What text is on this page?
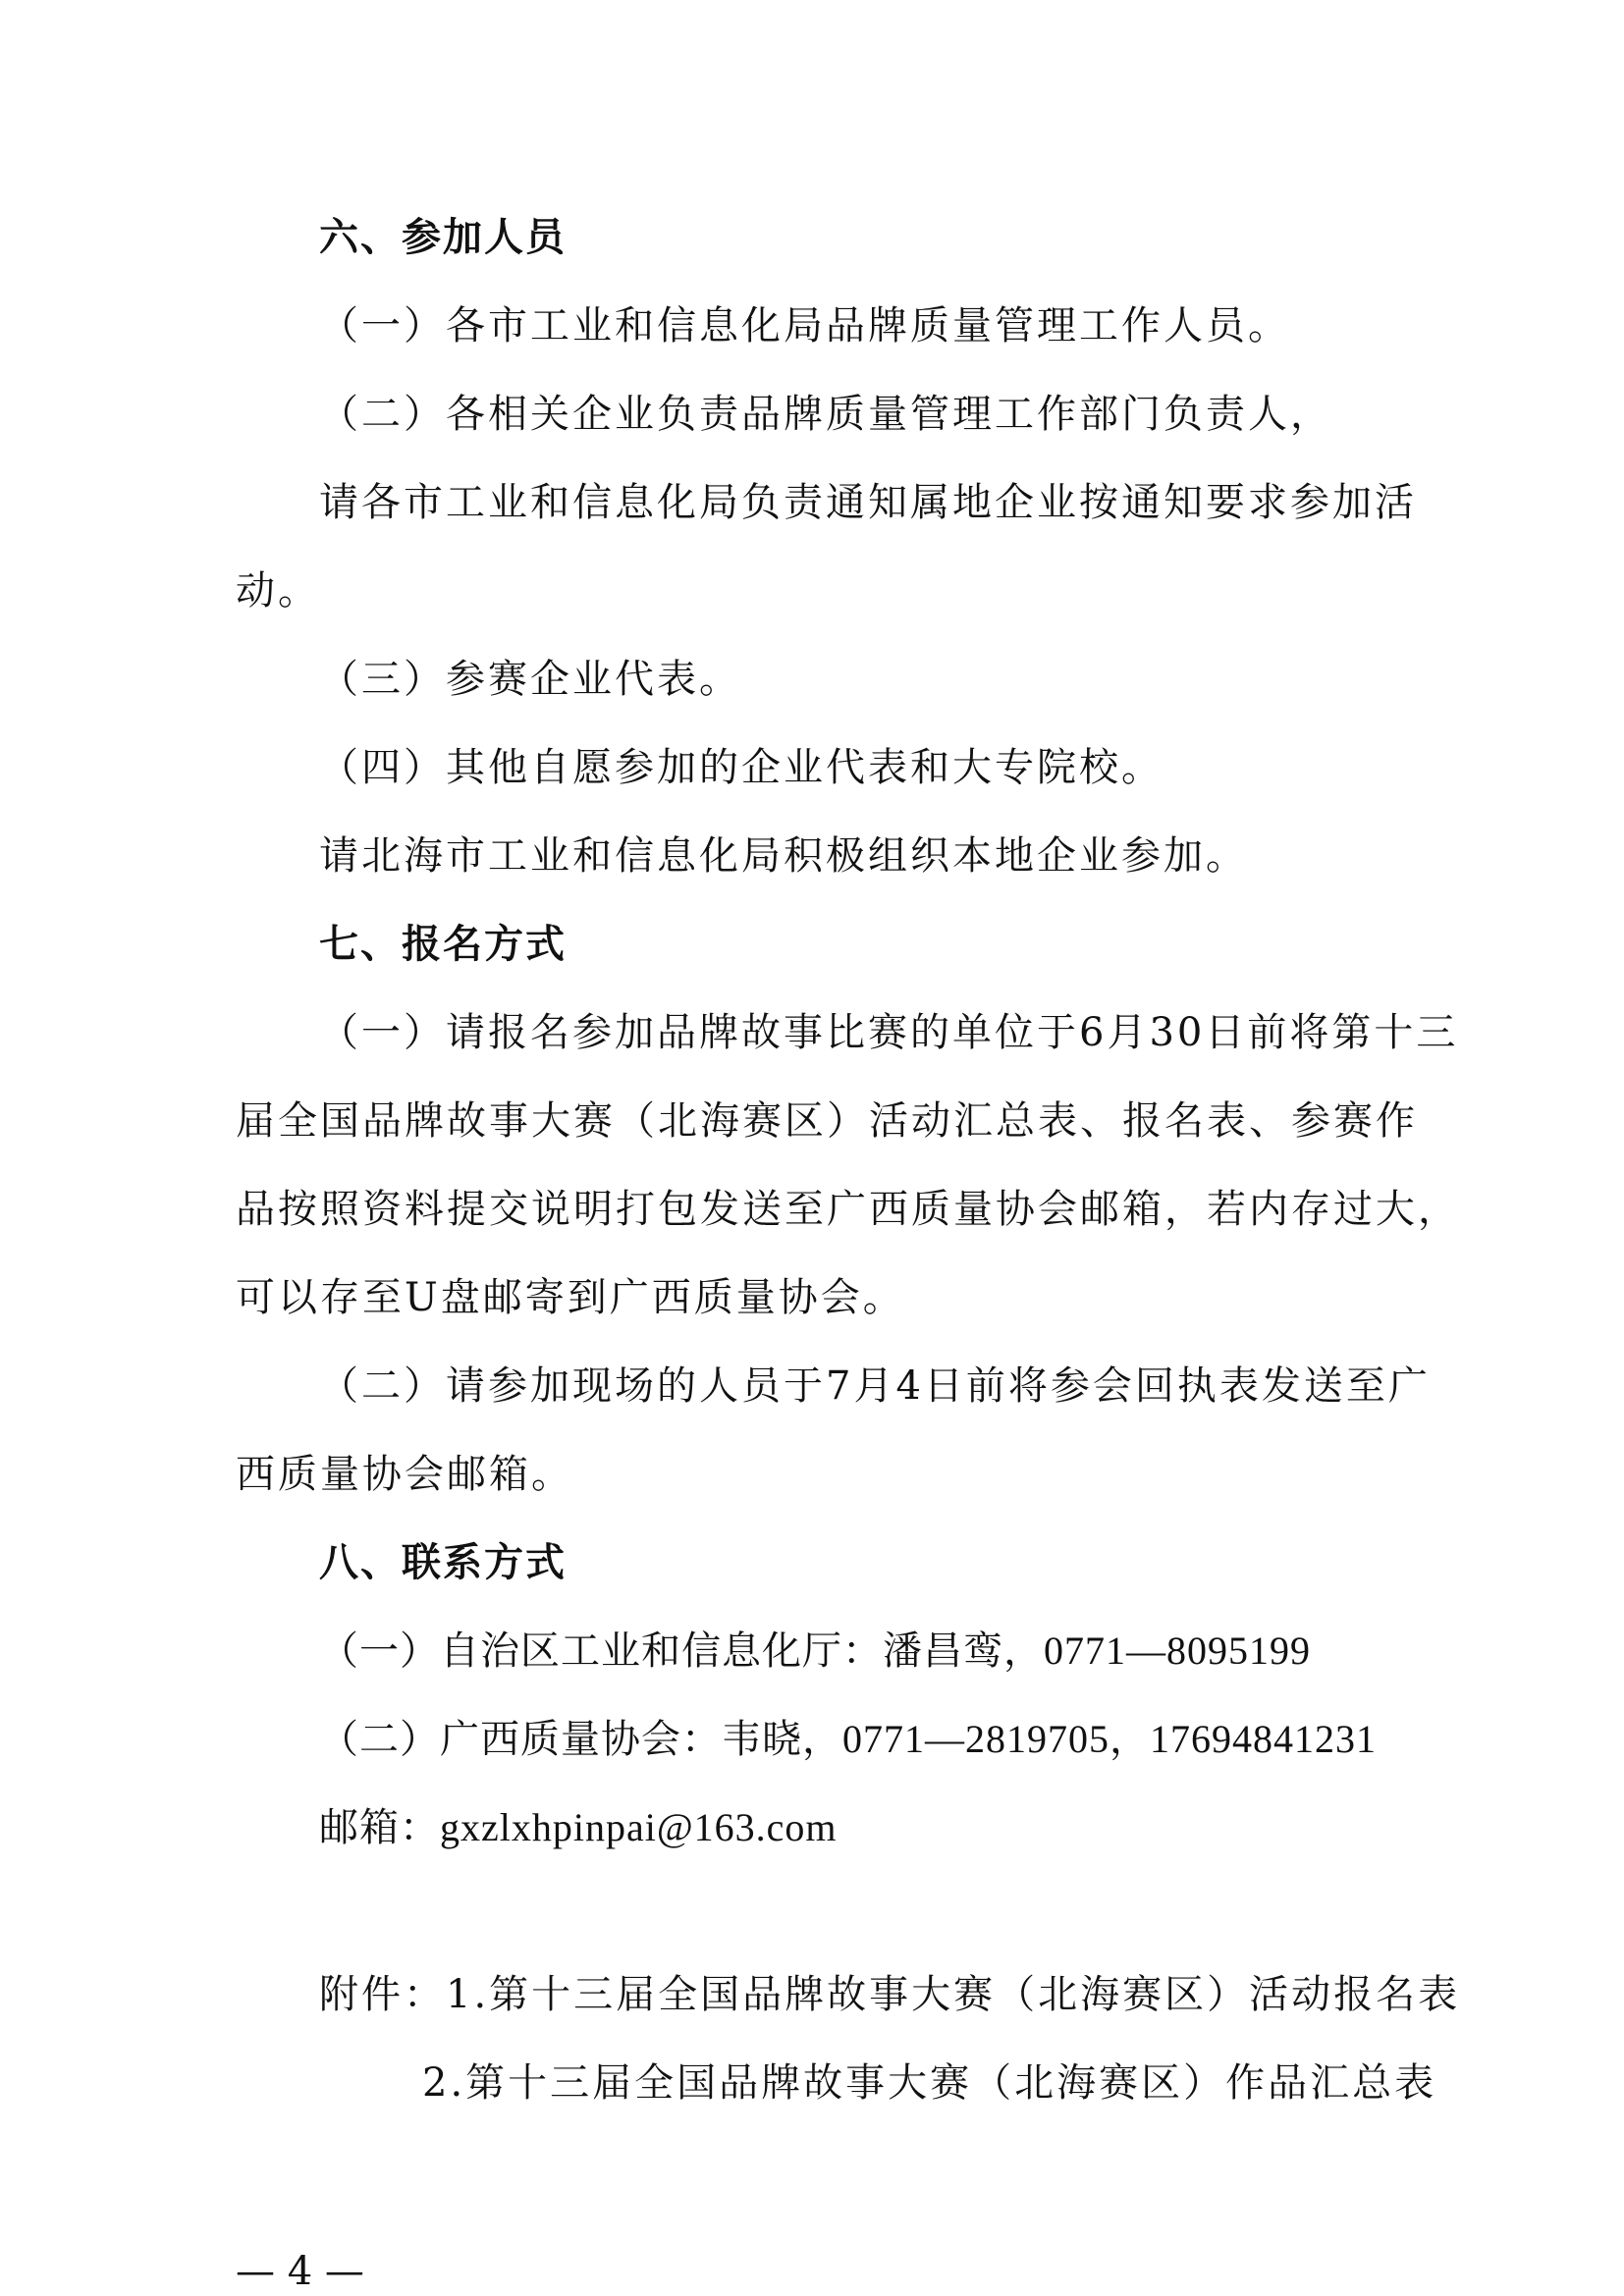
六、参加人员
（一）各市工业和信息化局品牌质量管理工作人员。
（二）各相关企业负责品牌质量管理工作部门负责人，
请各市工业和信息化局负责通知属地企业按通知要求参加活
动。
（三）参赛企业代表。
（四）其他自愿参加的企业代表和大专院校。
请北海市工业和信息化局积极组织本地企业参加。
七、报名方式
（一）请报名参加品牌故事比赛的单位于6月30日前将第十三
届全国品牌故事大赛（北海赛区）活动汇总表、报名表、参赛作
品按照资料提交说明打包发送至广西质量协会邮箱，若内存过大，
可以存至U盘邮寄到广西质量协会。
（二）请参加现场的人员于7月4日前将参会回执表发送至广
西质量协会邮箱。
八、联系方式
（一）自治区工业和信息化厅：潘昌鸾，0771—8095199
（二）广西质量协会：韦晓，0771—2819705，17694841231
邮箱：gxzlxhpinpai@163.com
附件：1.第十三届全国品牌故事大赛（北海赛区）活动报名表
2.第十三届全国品牌故事大赛（北海赛区）作品汇总表
— 4 —
